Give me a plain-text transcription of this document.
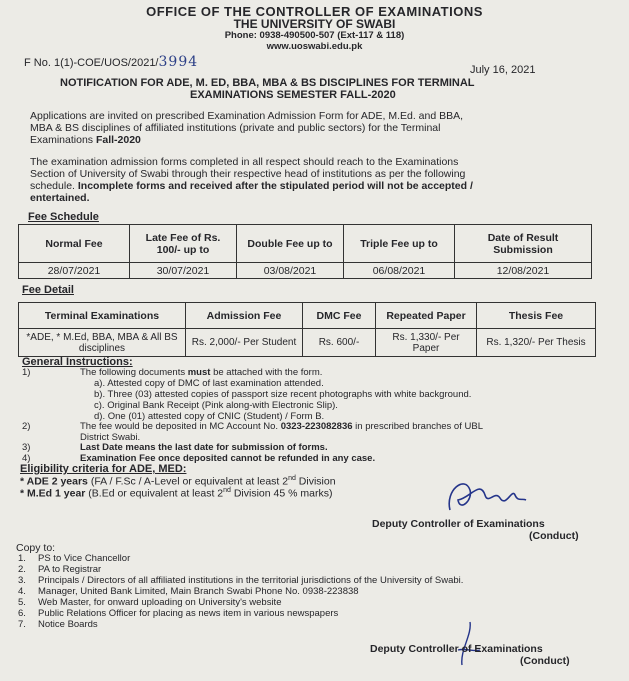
OFFICE OF THE CONTROLLER OF EXAMINATIONS
THE UNIVERSITY OF SWABI
Phone: 0938-490500-507 (Ext-117 & 118)
www.uoswabi.edu.pk
F No. 1(1)-COE/UOS/2021/3994	July 16, 2021
NOTIFICATION FOR ADE, M. ED, BBA, MBA & BS DISCIPLINES FOR TERMINAL
EXAMINATIONS SEMESTER FALL-2020
Applications are invited on prescribed Examination Admission Form for ADE, M.Ed. and BBA,
MBA & BS disciplines of affiliated institutions (private and public sectors) for the Terminal
Examinations Fall-2020
The examination admission forms completed in all respect should reach to the Examinations
Section of University of Swabi through their respective head of institutions as per the following
schedule. Incomplete forms and received after the stipulated period will not be accepted /
entertained.
Fee Schedule
Normal Fee	Late Fee of Rs. 100/- up to	Double Fee up to	Triple Fee up to	Date of Result Submission
28/07/2021	30/07/2021	03/08/2021	06/08/2021	12/08/2021
Fee Detail
Terminal Examinations	Admission Fee	DMC Fee	Repeated Paper	Thesis Fee
*ADE, * M.Ed, BBA, MBA & All BS disciplines	Rs. 2,000/- Per Student	Rs. 600/-	Rs. 1,330/- Per Paper	Rs. 1,320/- Per Thesis
General Instructions:
1)	The following documents must be attached with the form.
a). Attested copy of DMC of last examination attended.
b). Three (03) attested copies of passport size recent photographs with white background.
c). Original Bank Receipt (Pink along-with Electronic Slip).
d). One (01) attested copy of CNIC (Student) / Form B.
2)	The fee would be deposited in MC Account No. 0323-223082836 in prescribed branches of UBL
District Swabi.
3)	Last Date means the last date for submission of forms.
4)	Examination Fee once deposited cannot be refunded in any case.
Eligibility criteria for ADE, MED:
* ADE 2 years (FA / F.Sc / A-Level or equivalent at least 2nd Division
* M.Ed 1 year (B.Ed or equivalent at least 2nd Division 45 % marks)
Deputy Controller of Examinations
(Conduct)
Copy to:
1. PS to Vice Chancellor
2. PA to Registrar
3. Principals / Directors of all affiliated institutions in the territorial jurisdictions of the University of Swabi.
4. Manager, United Bank Limited, Main Branch Swabi Phone No. 0938-223838
5. Web Master, for onward uploading on University's website
6. Public Relations Officer for placing as news item in various newspapers
7. Notice Boards
Deputy Controller of Examinations
(Conduct)
